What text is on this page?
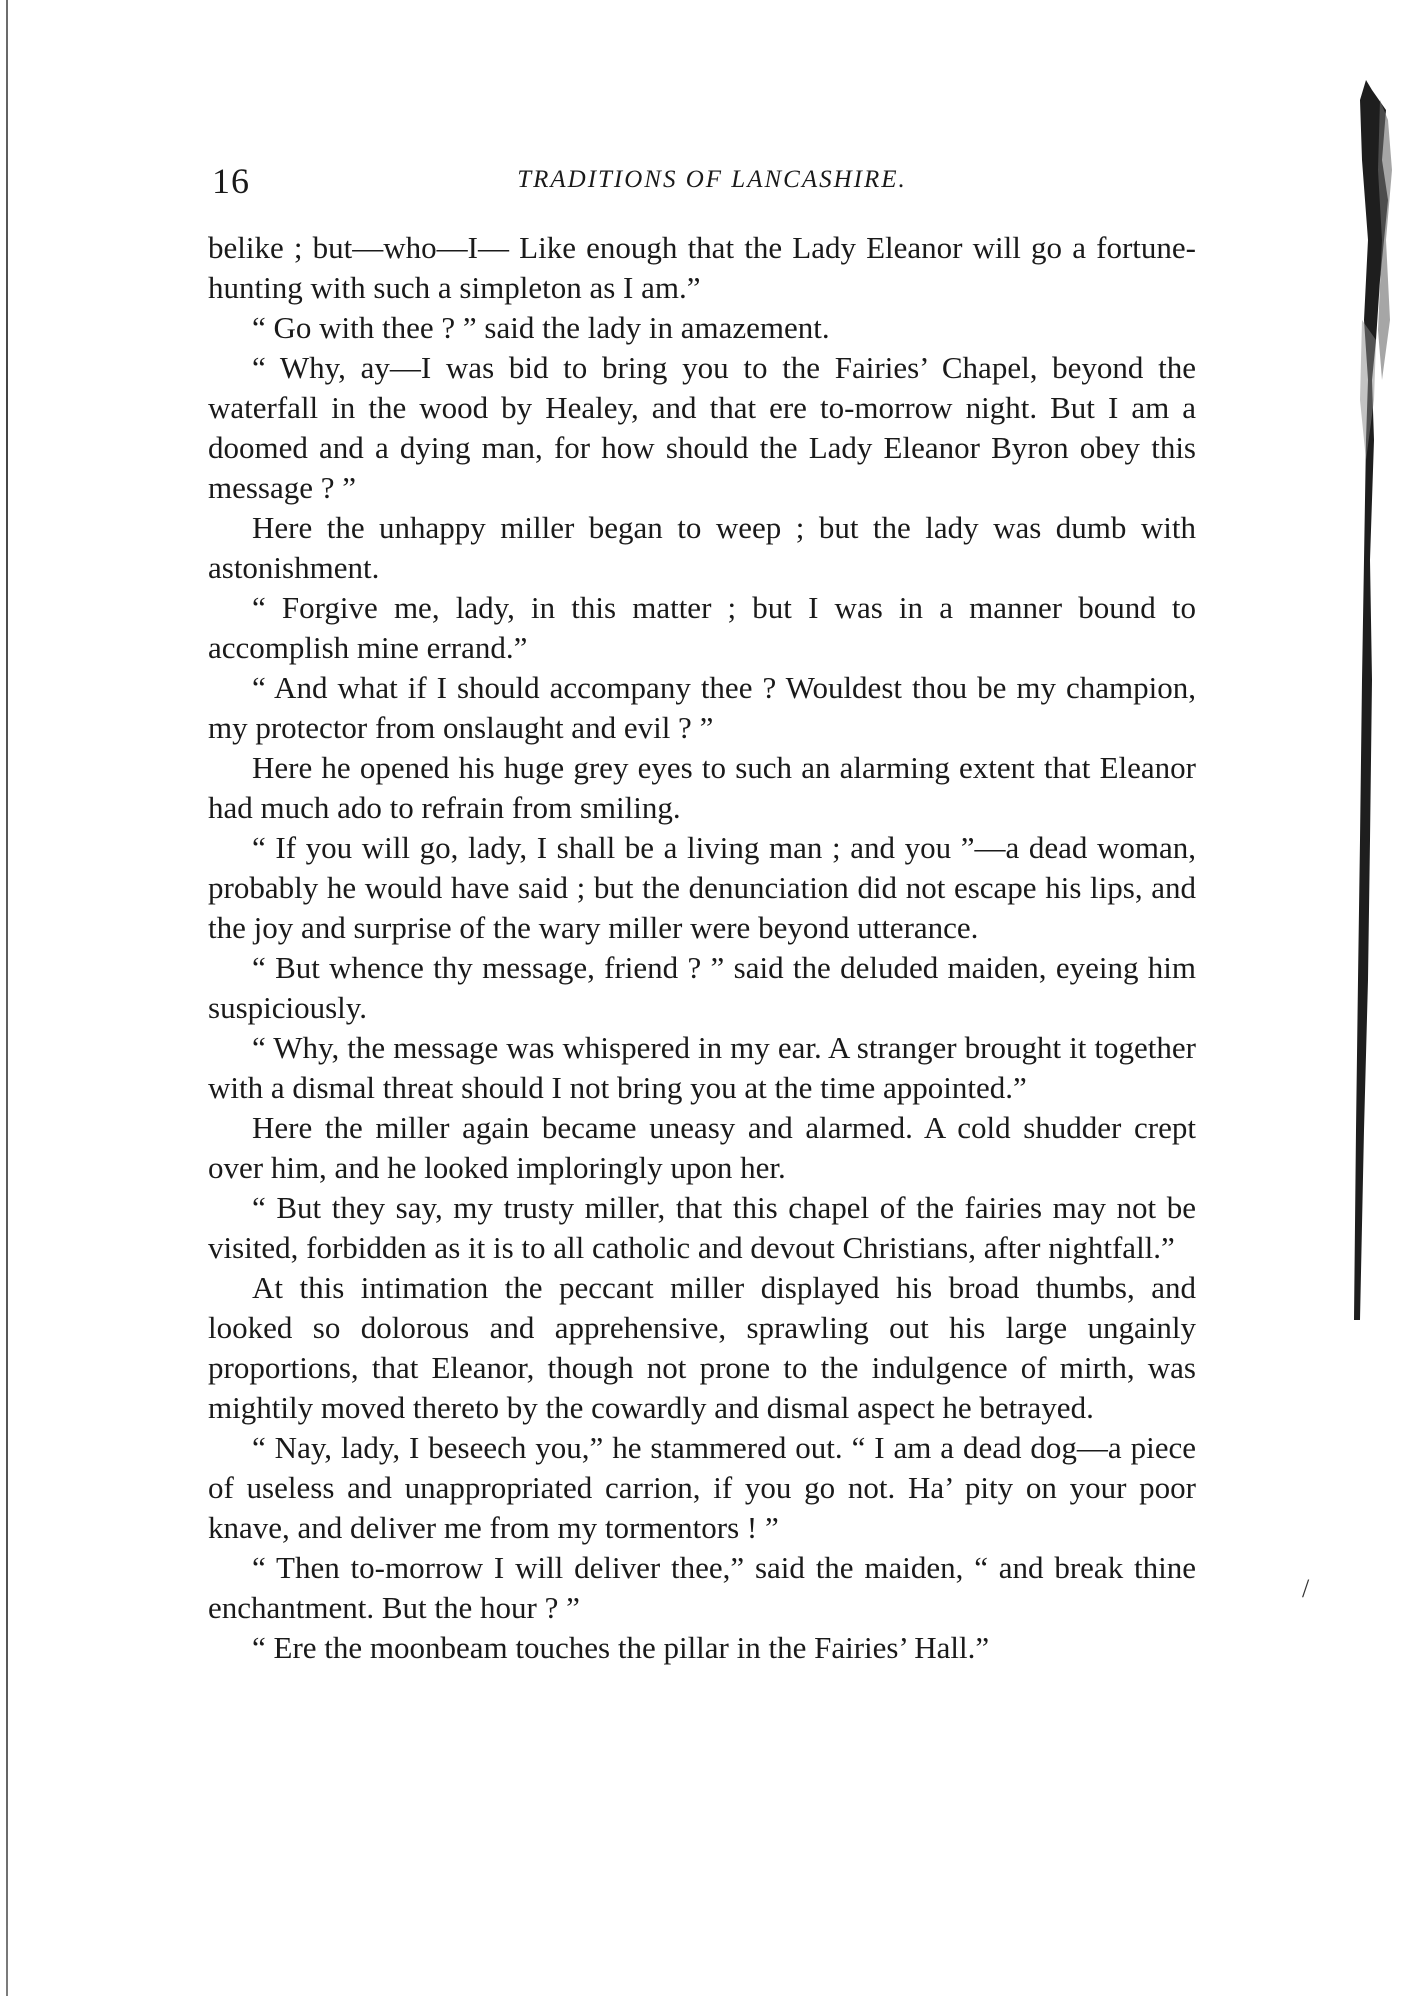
16	TRADITIONS OF LANCASHIRE.

belike ; but—who—I— Like enough that the Lady Eleanor will go a fortune-hunting with such a simpleton as I am.”

“ Go with thee ? ” said the lady in amazement.

“ Why, ay—I was bid to bring you to the Fairies’ Chapel, beyond the waterfall in the wood by Healey, and that ere to-morrow night. But I am a doomed and a dying man, for how should the Lady Eleanor Byron obey this message ? ”

Here the unhappy miller began to weep ; but the lady was dumb with astonishment.

“ Forgive me, lady, in this matter ; but I was in a manner bound to accomplish mine errand.”

“ And what if I should accompany thee ? Wouldest thou be my champion, my protector from onslaught and evil ? ”

Here he opened his huge grey eyes to such an alarming extent that Eleanor had much ado to refrain from smiling.

“ If you will go, lady, I shall be a living man ; and you ”—a dead woman, probably he would have said ; but the denunciation did not escape his lips, and the joy and surprise of the wary miller were beyond utterance.

“ But whence thy message, friend ? ” said the deluded maiden, eyeing him suspiciously.

“ Why, the message was whispered in my ear. A stranger brought it together with a dismal threat should I not bring you at the time appointed.”

Here the miller again became uneasy and alarmed. A cold shudder crept over him, and he looked imploringly upon her.

“ But they say, my trusty miller, that this chapel of the fairies may not be visited, forbidden as it is to all catholic and devout Christians, after nightfall.”

At this intimation the peccant miller displayed his broad thumbs, and looked so dolorous and apprehensive, sprawling out his large ungainly proportions, that Eleanor, though not prone to the indulgence of mirth, was mightily moved thereto by the cowardly and dismal aspect he betrayed.

“ Nay, lady, I beseech you,” he stammered out. “ I am a dead dog—a piece of useless and unappropriated carrion, if you go not. Ha’ pity on your poor knave, and deliver me from my tormentors ! ”

“ Then to-morrow I will deliver thee,” said the maiden, “ and break thine enchantment. But the hour ? ”

“ Ere the moonbeam touches the pillar in the Fairies’ Hall.”

/
